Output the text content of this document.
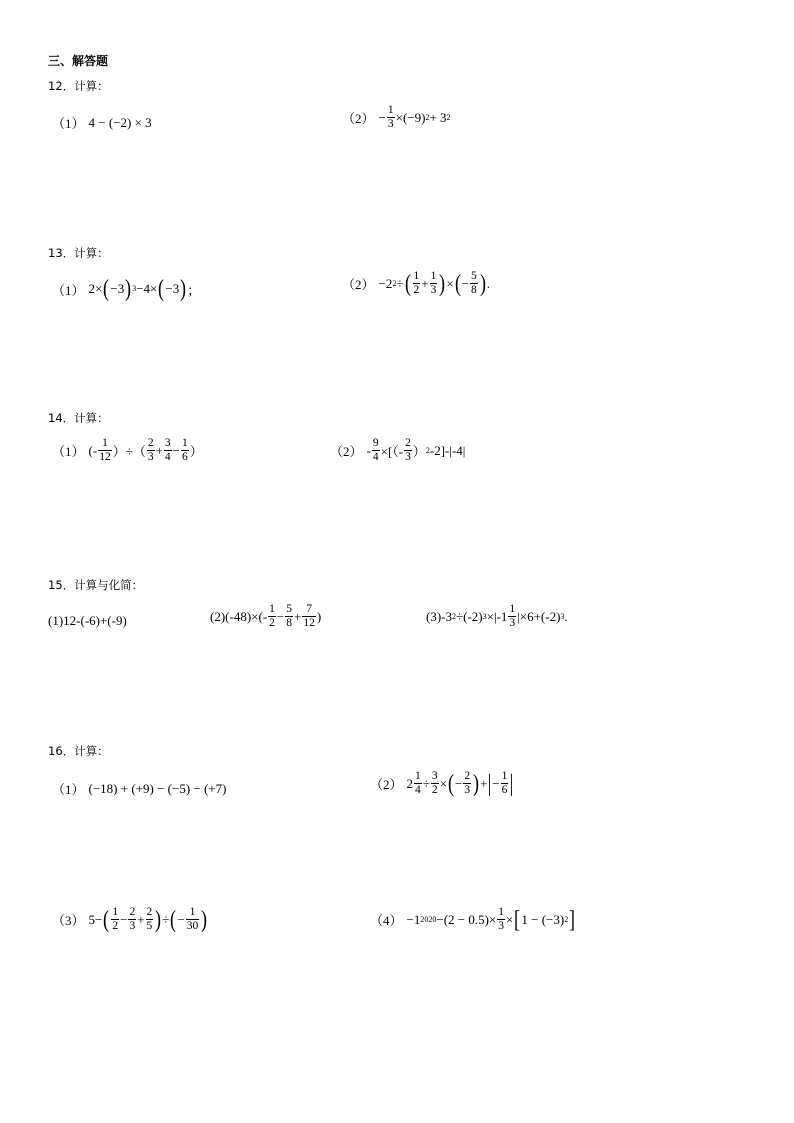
三、解答题
12．计算：
（1） 4 − (−2) × 3	$(2) - \frac{1}{3} \times(-9) 2 + 3$ 2
13．计算：
（1） 2× ( −3 ) 3 −4× ( −3 ) ；	（2） −2 2 ÷ ( 1
$2 + \frac{1}{3}$ ) × ( − $\frac{5}{8}$ ) .
14．计算：
（1） (- 1
12 ）÷（
2
$3 + \frac{3}{4} - \frac{1}{6}$ ）	$(2) - \frac{9}{4}$ ×[（-
2
3 ） 2 -2]-|-4|
15．计算与化简：
(1)12-(-6)+(-9)	(2)(-48)×(- 1
$2 - \frac{5}{8} + \frac{7}{12}$ )	(3)-3 2 ÷(-2) 3 ×|-1 1
3 |×6+(-2) 3 .
16．计算：
（1） (−18) + (+9) − (−5) − (+7)	（2） $2 \frac{1}{4} \div \frac{3}{2}$ × ( − $\frac{2}{3}$ ) + | − $\frac{1}{6}$ |
（3） 5− ( 1
$2 - \frac{2}{3} + \frac{2}{5}$ ) ÷ ( − $\frac{1}{30}$ )	（4） −1 $2020 -(2 - 0.5)\times \frac{1}{3}$ × [ 1 − (−3) 2 ]
